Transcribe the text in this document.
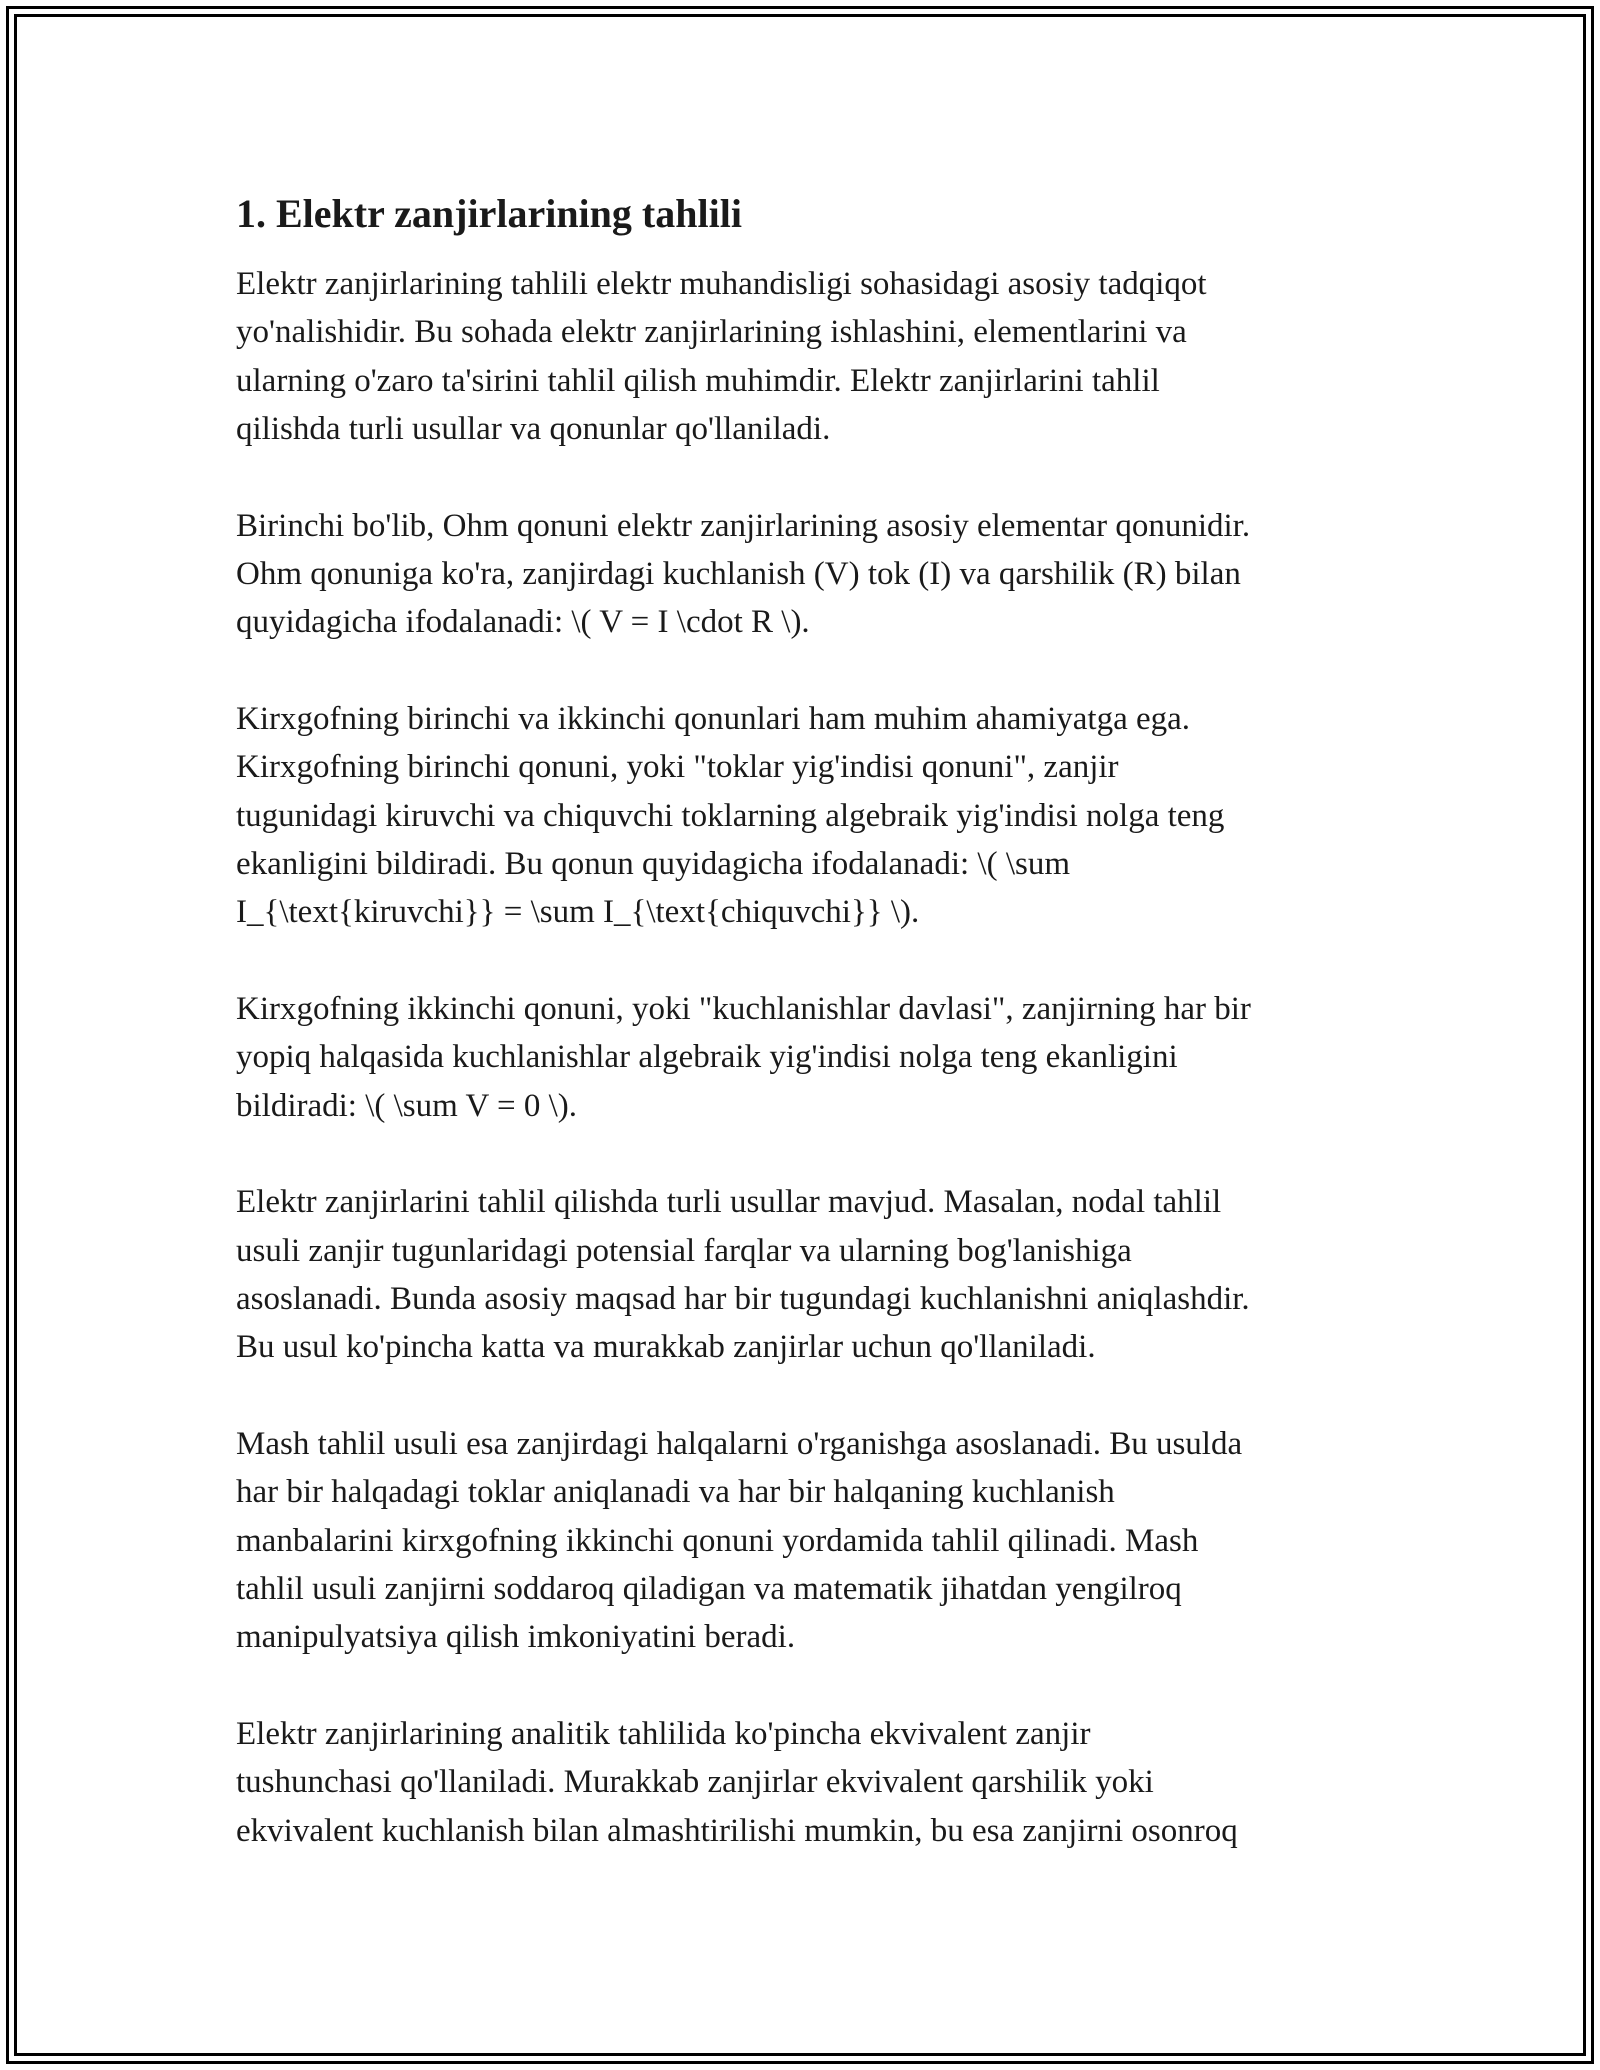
1. Elektr zanjirlarining tahlili
Elektr zanjirlarining tahlili elektr muhandisligi sohasidagi asosiy tadqiqot
yo'nalishidir. Bu sohada elektr zanjirlarining ishlashini, elementlarini va
ularning o'zaro ta'sirini tahlil qilish muhimdir. Elektr zanjirlarini tahlil
qilishda turli usullar va qonunlar qo'llaniladi.
Birinchi bo'lib, Ohm qonuni elektr zanjirlarining asosiy elementar qonunidir.
Ohm qonuniga ko'ra, zanjirdagi kuchlanish (V) tok (I) va qarshilik (R) bilan
quyidagicha ifodalanadi: \( V = I \cdot R \).
Kirxgofning birinchi va ikkinchi qonunlari ham muhim ahamiyatga ega.
Kirxgofning birinchi qonuni, yoki "toklar yig'indisi qonuni", zanjir
tugunidagi kiruvchi va chiquvchi toklarning algebraik yig'indisi nolga teng
ekanligini bildiradi. Bu qonun quyidagicha ifodalanadi: \( \sum
I_{\text{kiruvchi}} = \sum I_{\text{chiquvchi}} \).
Kirxgofning ikkinchi qonuni, yoki "kuchlanishlar davlasi", zanjirning har bir
yopiq halqasida kuchlanishlar algebraik yig'indisi nolga teng ekanligini
bildiradi: \( \sum V = 0 \).
Elektr zanjirlarini tahlil qilishda turli usullar mavjud. Masalan, nodal tahlil
usuli zanjir tugunlaridagi potensial farqlar va ularning bog'lanishiga
asoslanadi. Bunda asosiy maqsad har bir tugundagi kuchlanishni aniqlashdir.
Bu usul ko'pincha katta va murakkab zanjirlar uchun qo'llaniladi.
Mash tahlil usuli esa zanjirdagi halqalarni o'rganishga asoslanadi. Bu usulda
har bir halqadagi toklar aniqlanadi va har bir halqaning kuchlanish
manbalarini kirxgofning ikkinchi qonuni yordamida tahlil qilinadi. Mash
tahlil usuli zanjirni soddaroq qiladigan va matematik jihatdan yengilroq
manipulyatsiya qilish imkoniyatini beradi.
Elektr zanjirlarining analitik tahlilida ko'pincha ekvivalent zanjir
tushunchasi qo'llaniladi. Murakkab zanjirlar ekvivalent qarshilik yoki
ekvivalent kuchlanish bilan almashtirilishi mumkin, bu esa zanjirni osonroq
